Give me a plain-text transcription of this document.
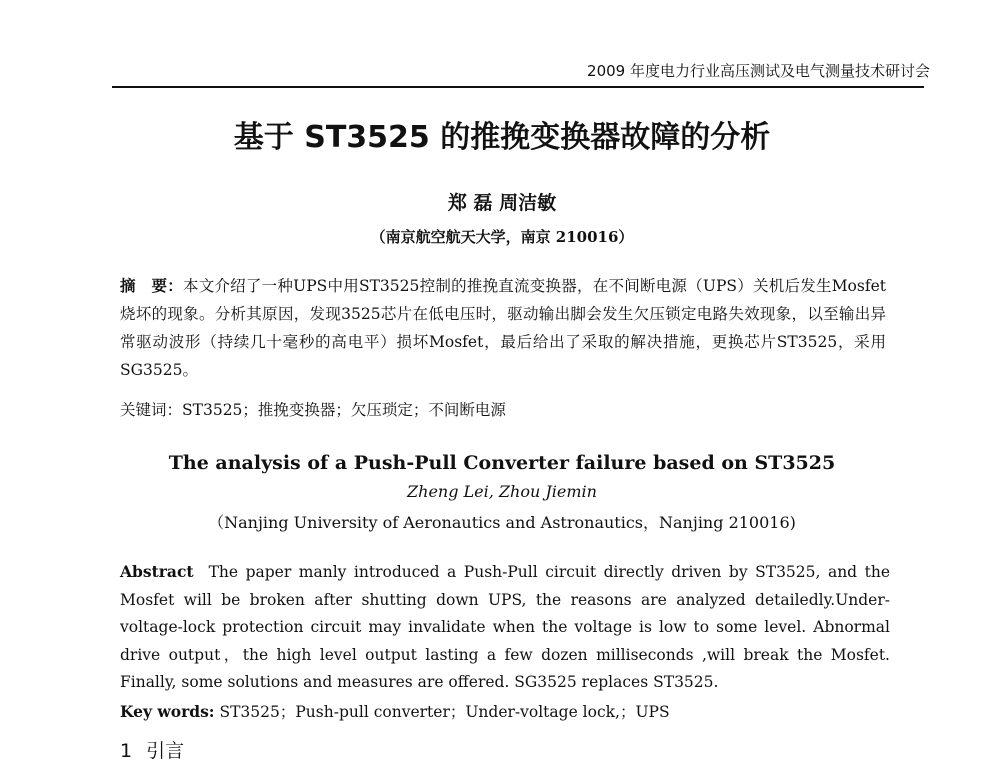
2009 年度电力行业高压测试及电气测量技术研讨会
基于 ST3525 的推挽变换器故障的分析
郑 磊 周洁敏
（南京航空航天大学，南京 210016）
摘　要：本文介绍了一种UPS中用ST3525控制的推挽直流变换器，在不间断电源（UPS）关机后发生Mosfet烧坏的现象。分析其原因，发现3525芯片在低电压时，驱动输出脚会发生欠压锁定电路失效现象，以至输出异常驱动波形（持续几十毫秒的高电平）损坏Mosfet，最后给出了采取的解决措施，更换芯片ST3525，采用SG3525。
关键词：ST3525；推挽变换器；欠压琐定；不间断电源
The analysis of a Push-Pull Converter failure based on ST3525
Zheng Lei, Zhou Jiemin
（Nanjing University of Aeronautics and Astronautics，Nanjing 210016)
Abstract The paper manly introduced a Push-Pull circuit directly driven by ST3525, and the Mosfet will be broken after shutting down UPS, the reasons are analyzed detailedly.Under-voltage-lock protection circuit may invalidate when the voltage is low to some level. Abnormal drive output，the high level output lasting a few dozen milliseconds ,will break the Mosfet. Finally, some solutions and measures are offered. SG3525 replaces ST3525.
Key words: ST3525；Push-pull converter；Under-voltage lock,；UPS
1 引言
